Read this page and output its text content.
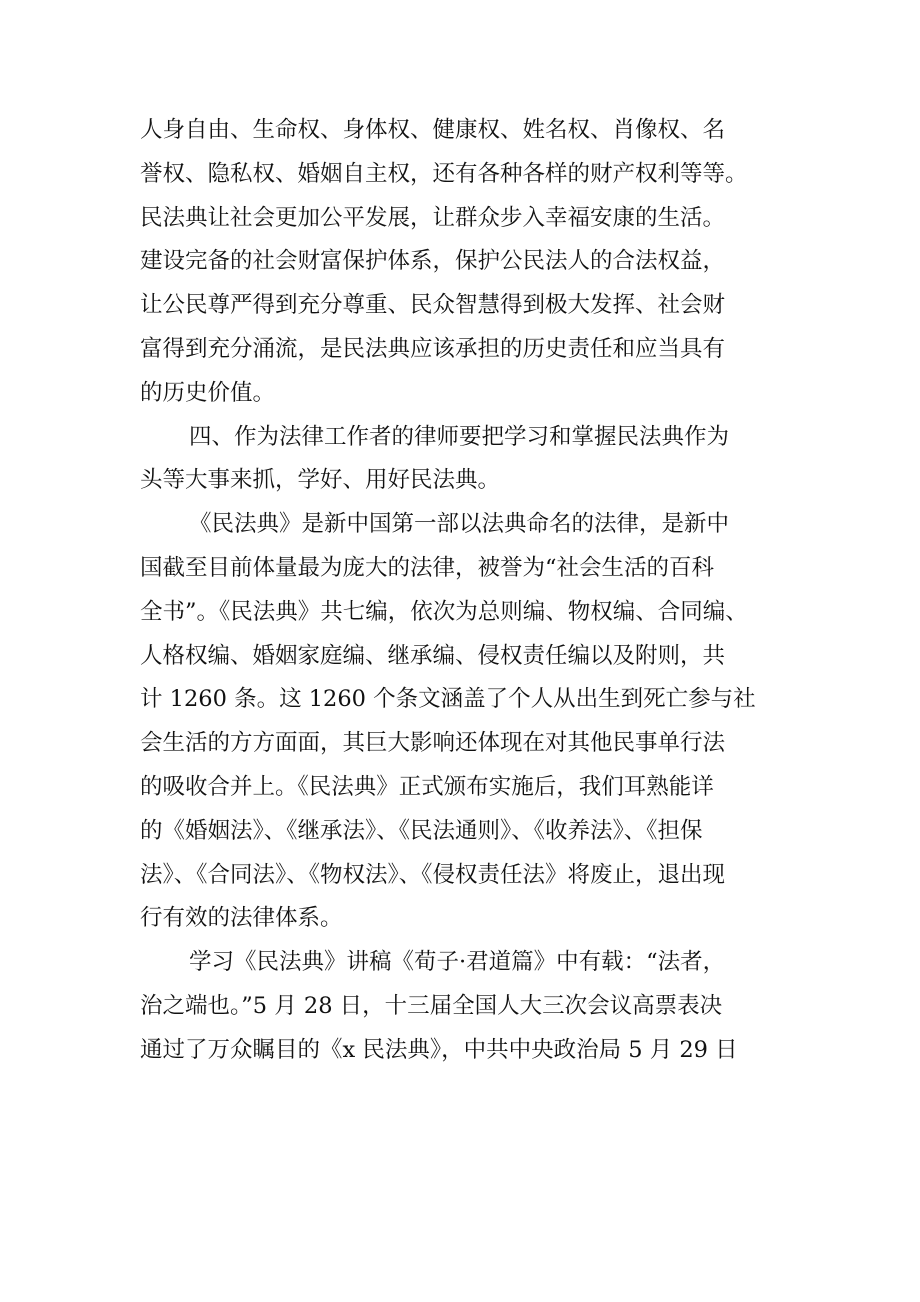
人身自由、生命权、身体权、健康权、姓名权、肖像权、名
誉权、隐私权、婚姻自主权，还有各种各样的财产权利等等。
民法典让社会更加公平发展，让群众步入幸福安康的生活。
建设完备的社会财富保护体系，保护公民法人的合法权益，
让公民尊严得到充分尊重、民众智慧得到极大发挥、社会财
富得到充分涌流，是民法典应该承担的历史责任和应当具有
的历史价值。
四、作为法律工作者的律师要把学习和掌握民法典作为
头等大事来抓，学好、用好民法典。
《民法典》是新中国第一部以法典命名的法律，是新中
国截至目前体量最为庞大的法律，被誉为“社会生活的百科
全书”。《民法典》共七编，依次为总则编、物权编、合同编、
人格权编、婚姻家庭编、继承编、侵权责任编以及附则，共
计 1260 条。这 1260 个条文涵盖了个人从出生到死亡参与社
会生活的方方面面，其巨大影响还体现在对其他民事单行法
的吸收合并上。《民法典》正式颁布实施后，我们耳熟能详
的《婚姻法》、《继承法》、《民法通则》、《收养法》、《担保
法》、《合同法》、《物权法》、《侵权责任法》将废止，退出现
行有效的法律体系。
学习《民法典》讲稿《荀子·君道篇》中有载：“法者，
治之端也。”5 月 28 日，十三届全国人大三次会议高票表决
通过了万众瞩目的《x 民法典》，中共中央政治局 5 月 29 日
